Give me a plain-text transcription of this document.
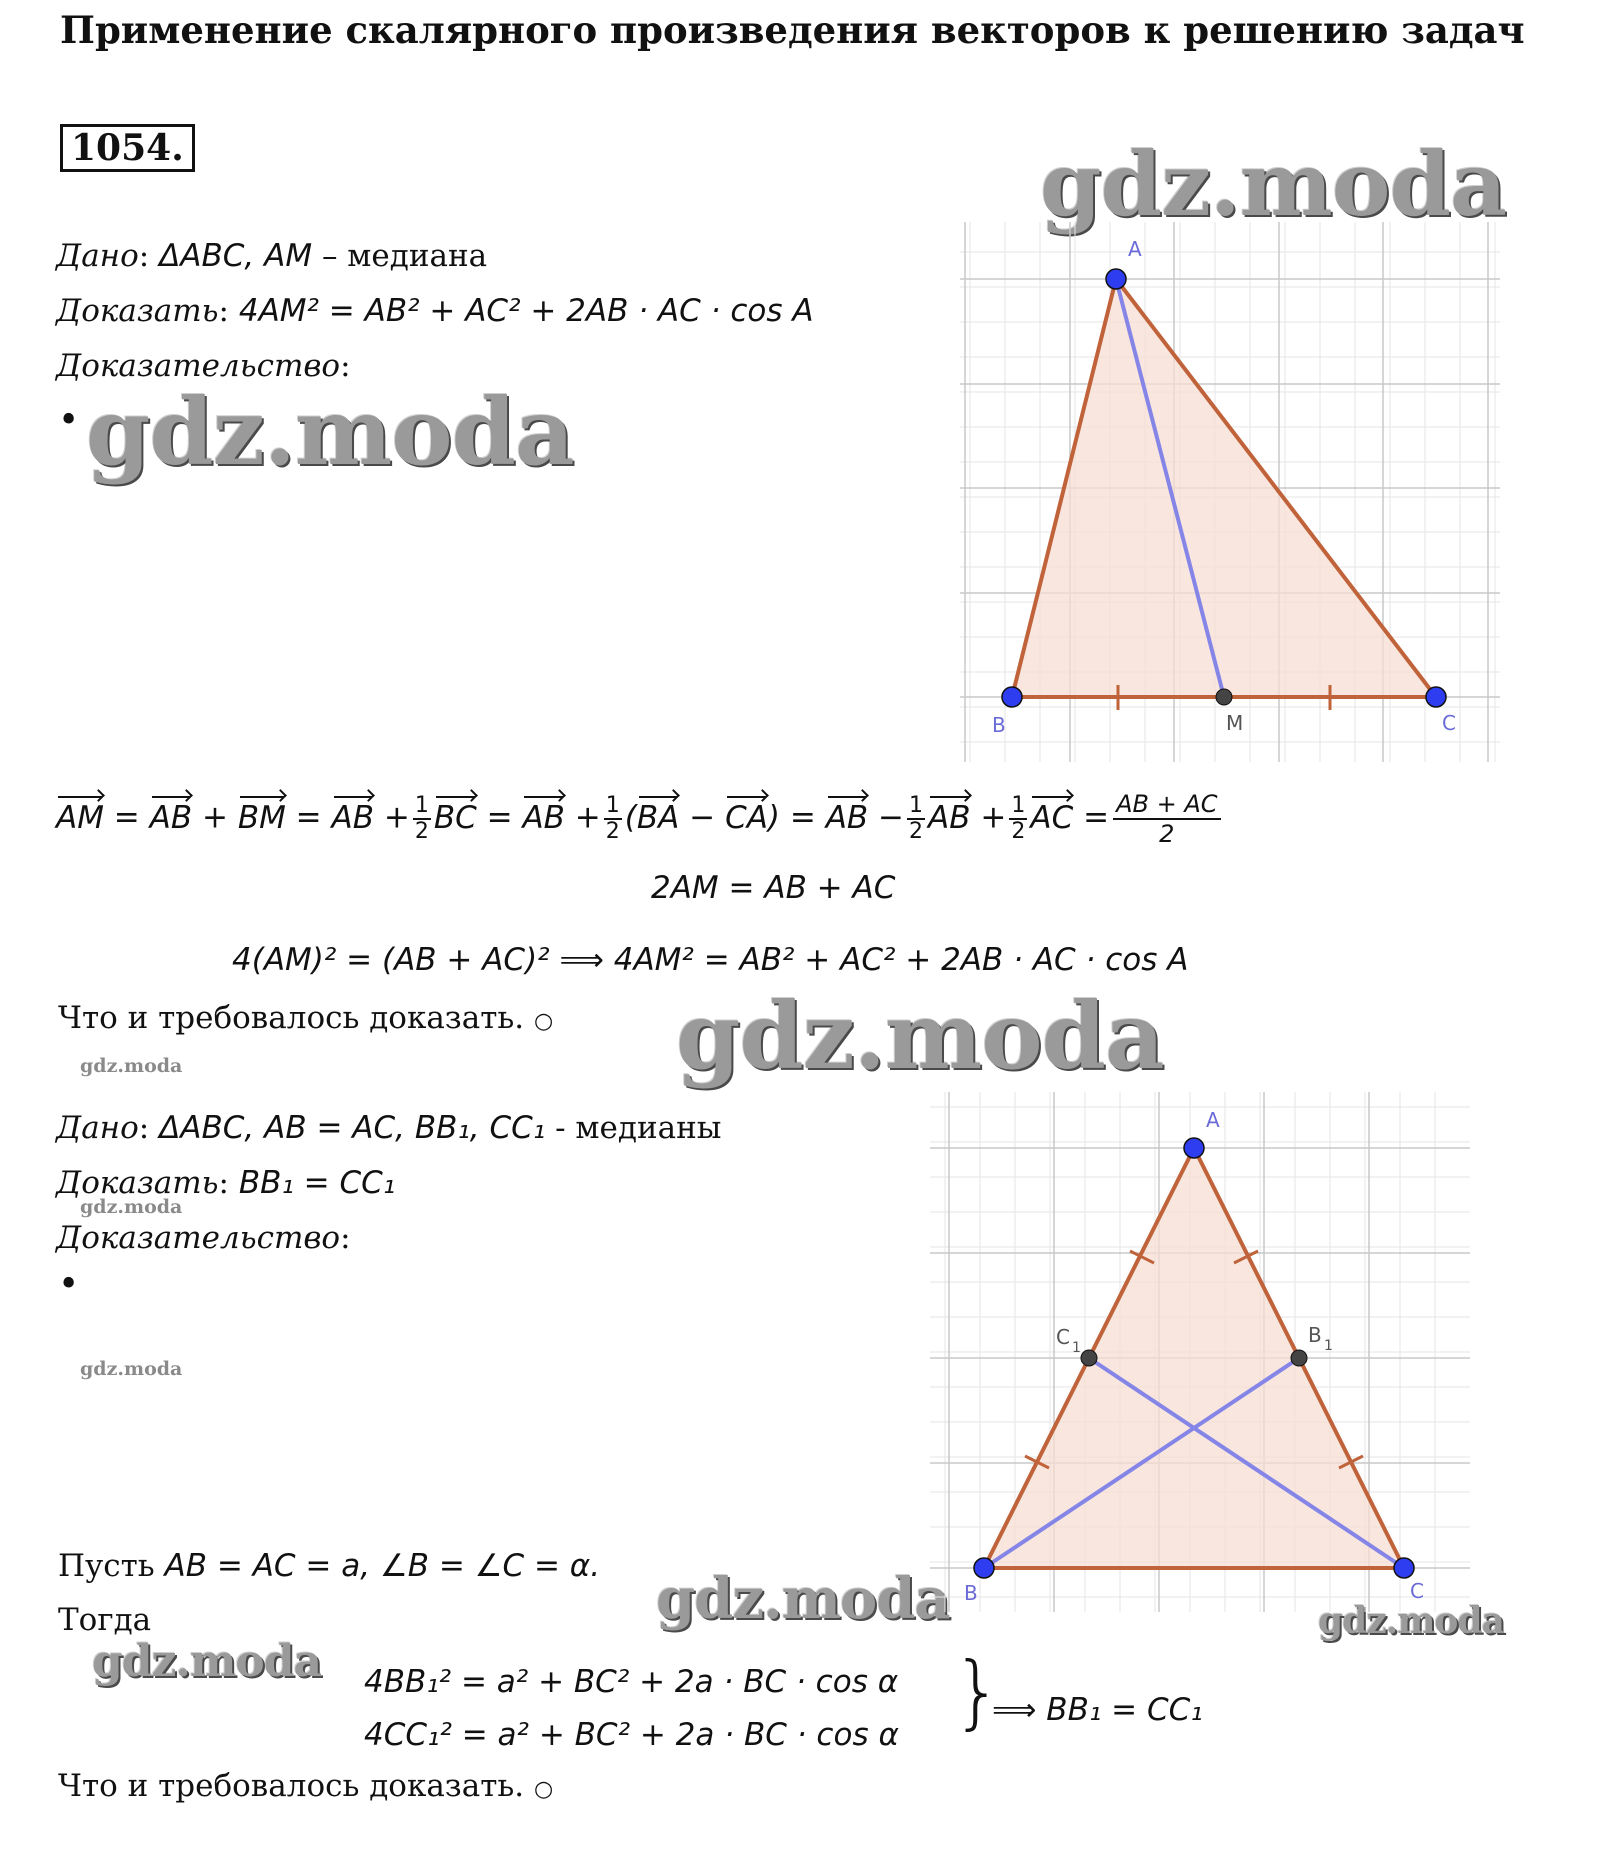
Применение скалярного произведения векторов к решению задач
1054.	gdz.moda
gdz.moda
gdz.moda
gdz.moda
gdz.moda
gdz.moda
gdz.moda
gdz.moda
gdz.moda
Дано: ΔABC, AM – медиана
Доказать: 4AM² = AB² + AC² + 2AB · AC · cos A
Доказательство:
•
A
B	C
M
AM = AB + BM = AB + $\frac{1}{2}$ BC = AB + $\frac{1}{2} (BA - CA)$ = AB − $\frac{1}{2}$ AB + $\frac{1}{2}$ AC = $\frac{AB + AC}{2}$
2AM = AB + AC
4(AM)² = (AB + AC)² ⟹ 4AM² = AB² + AC² + 2AB · AC · cos A
Что и требовалось доказать. ○
Дано: ΔABC, AB = AC, BB₁, CC₁ - медианы
Доказать: BB₁ = CC₁
Доказательство:
•
A
B	C
C 1
B 1
Пусть AB = AC = a, ∠B = ∠C = α.
Тогда
4BB₁² = a² + BC² + 2a · BC · cos α
4CC₁² = a² + BC² + 2a · BC · cos α }
⟹ BB₁ = CC₁
Что и требовалось доказать. ○
